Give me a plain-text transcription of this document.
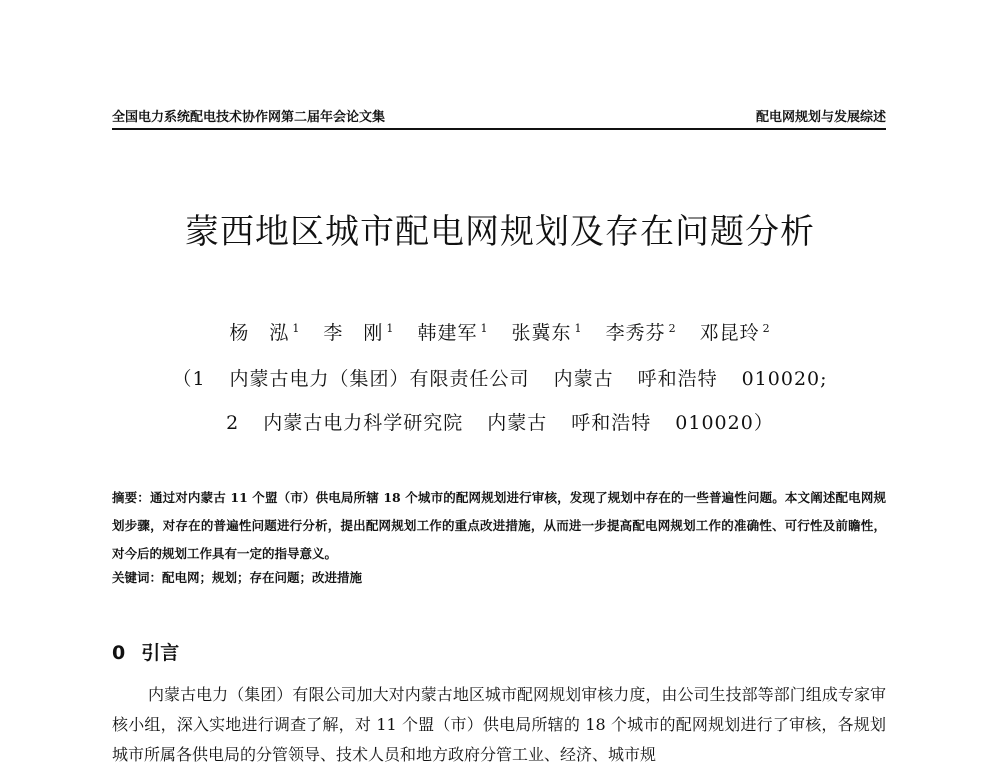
全国电力系统配电技术协作网第二届年会论文集	配电网规划与发展综述
蒙西地区城市配电网规划及存在问题分析
杨　泓 $^1$ 李　刚 $^1$ 韩建军 $^1$ 张冀东 $^1$ 李秀芬 $^2$ 邓昆玲 $^2$
（1 内蒙古电力（集团）有限责任公司 内蒙古 呼和浩特 010020;
2 内蒙古电力科学研究院 内蒙古 呼和浩特 010020）
摘要：通过对内蒙古 11 个盟（市）供电局所辖 18 个城市的配网规划进行审核，发现了规划中存在的一些普遍性问题。本文阐述配电网规划步骤，对存在的普遍性问题进行分析，提出配网规划工作的重点改进措施，从而进一步提高配电网规划工作的准确性、可行性及前瞻性，对今后的规划工作具有一定的指导意义。
关键词：配电网；规划；存在问题；改进措施
0 引言
内蒙古电力（集团）有限公司加大对内蒙古地区城市配网规划审核力度，由公司生技部等部门组成专家审核小组，深入实地进行调查了解，对 11 个盟（市）供电局所辖的 18 个城市的配网规划进行了审核，各规划城市所属各供电局的分管领导、技术人员和地方政府分管工业、经济、城市规
